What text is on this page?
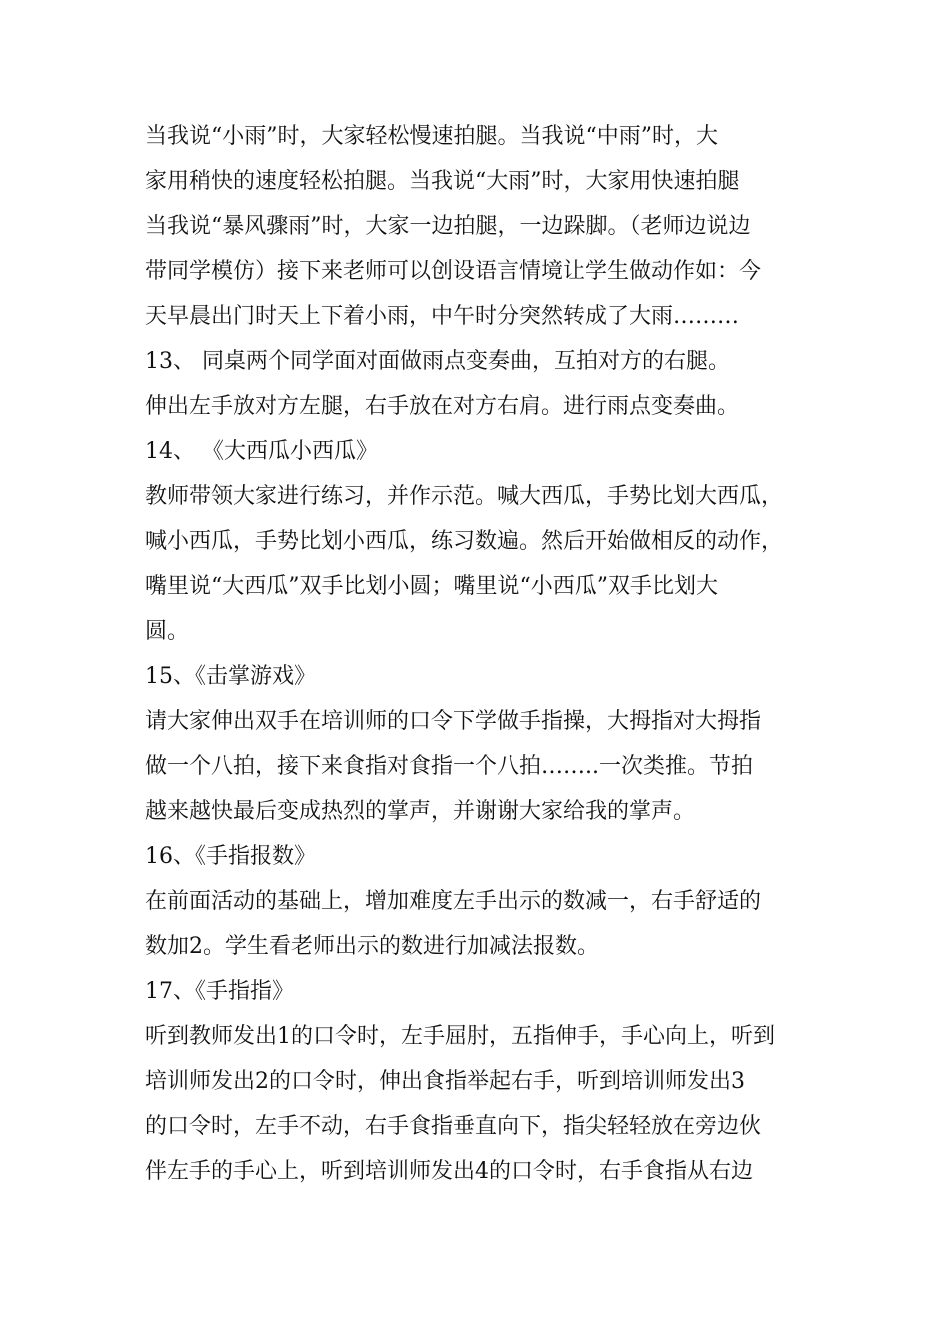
当我说“小雨”时，大家轻松慢速拍腿。当我说“中雨”时，大
家用稍快的速度轻松拍腿。当我说“大雨”时，大家用快速拍腿
当我说“暴风骤雨”时，大家一边拍腿，一边跺脚。（老师边说边
带同学模仿）接下来老师可以创设语言情境让学生做动作如：今
天早晨出门时天上下着小雨，中午时分突然转成了大雨………
13、 同桌两个同学面对面做雨点变奏曲，互拍对方的右腿。
伸出左手放对方左腿，右手放在对方右肩。进行雨点变奏曲。
14、 《大西瓜小西瓜》
教师带领大家进行练习，并作示范。喊大西瓜，手势比划大西瓜，
喊小西瓜，手势比划小西瓜，练习数遍。然后开始做相反的动作，
嘴里说“大西瓜”双手比划小圆；嘴里说“小西瓜”双手比划大
圆。
15、《击掌游戏》
请大家伸出双手在培训师的口令下学做手指操，大拇指对大拇指
做一个八拍，接下来食指对食指一个八拍……..一次类推。节拍
越来越快最后变成热烈的掌声，并谢谢大家给我的掌声。
16、《手指报数》
在前面活动的基础上，增加难度左手出示的数减一，右手舒适的
数加2。学生看老师出示的数进行加减法报数。
17、《手指指》
听到教师发出1的口令时，左手屈肘，五指伸手，手心向上，听到
培训师发出2的口令时，伸出食指举起右手，听到培训师发出3
的口令时，左手不动，右手食指垂直向下，指尖轻轻放在旁边伙
伴左手的手心上，听到培训师发出4的口令时，右手食指从右边
